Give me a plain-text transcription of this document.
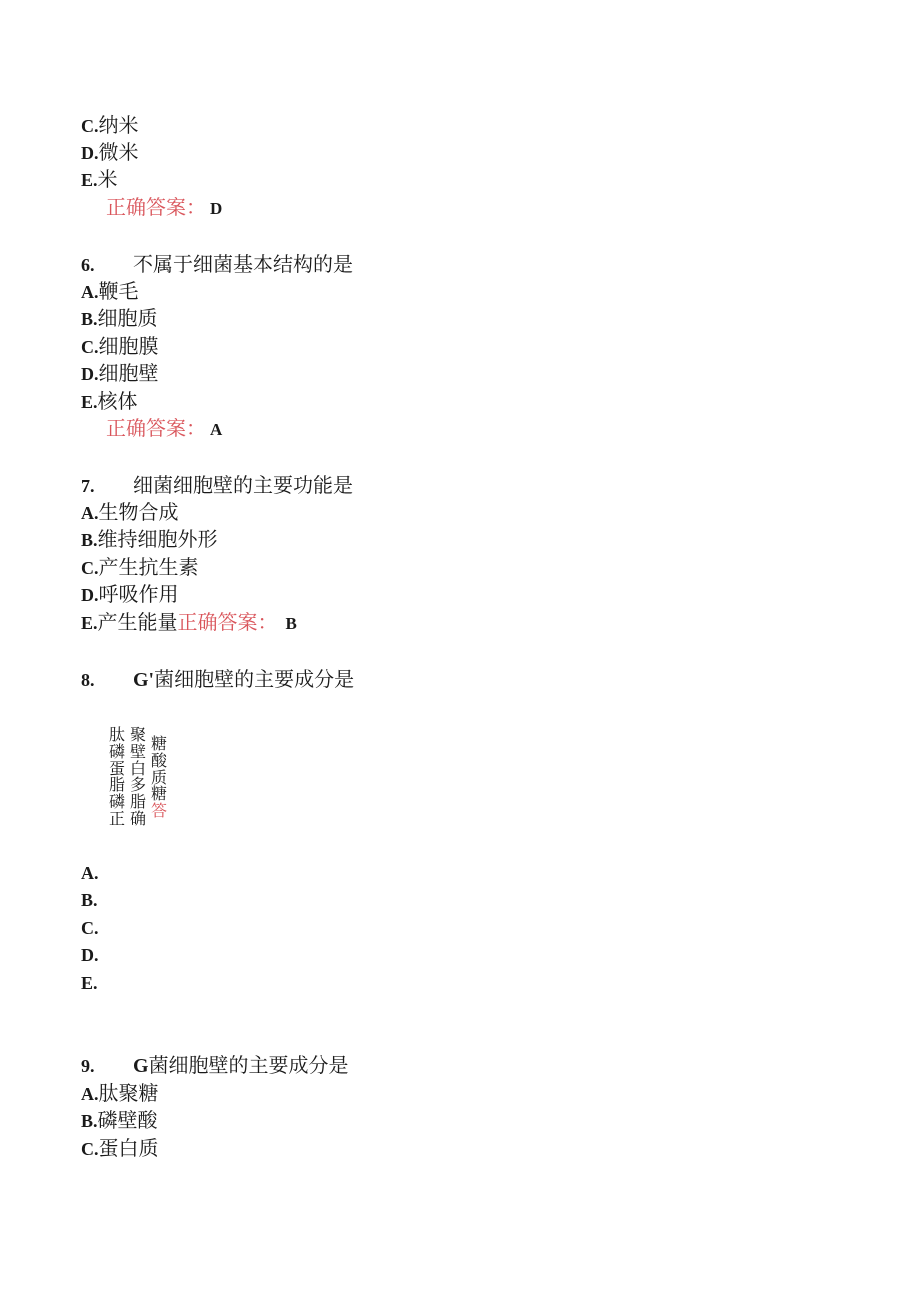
C.纳米
D.微米
E.米
正确答案： D
6. 不属于细菌基本结构的是
A.鞭毛
B.细胞质
C.细胞膜
D.细胞壁
E.核体
正确答案： A
7. 细菌细胞壁的主要功能是
A.生物合成
B.维持细胞外形
C.产生抗生素
D.呼吸作用
E.产生能量正确答案： B
8. G'菌细胞壁的主要成分是
肽
磷
蛋
脂
磷
正
聚
壁
白
多
脂
确
糖
酸
质
糖
答
A.
B.
C.
D.
E.
9. G菌细胞壁的主要成分是
A.肽聚糖
B.磷壁酸
C.蛋白质
